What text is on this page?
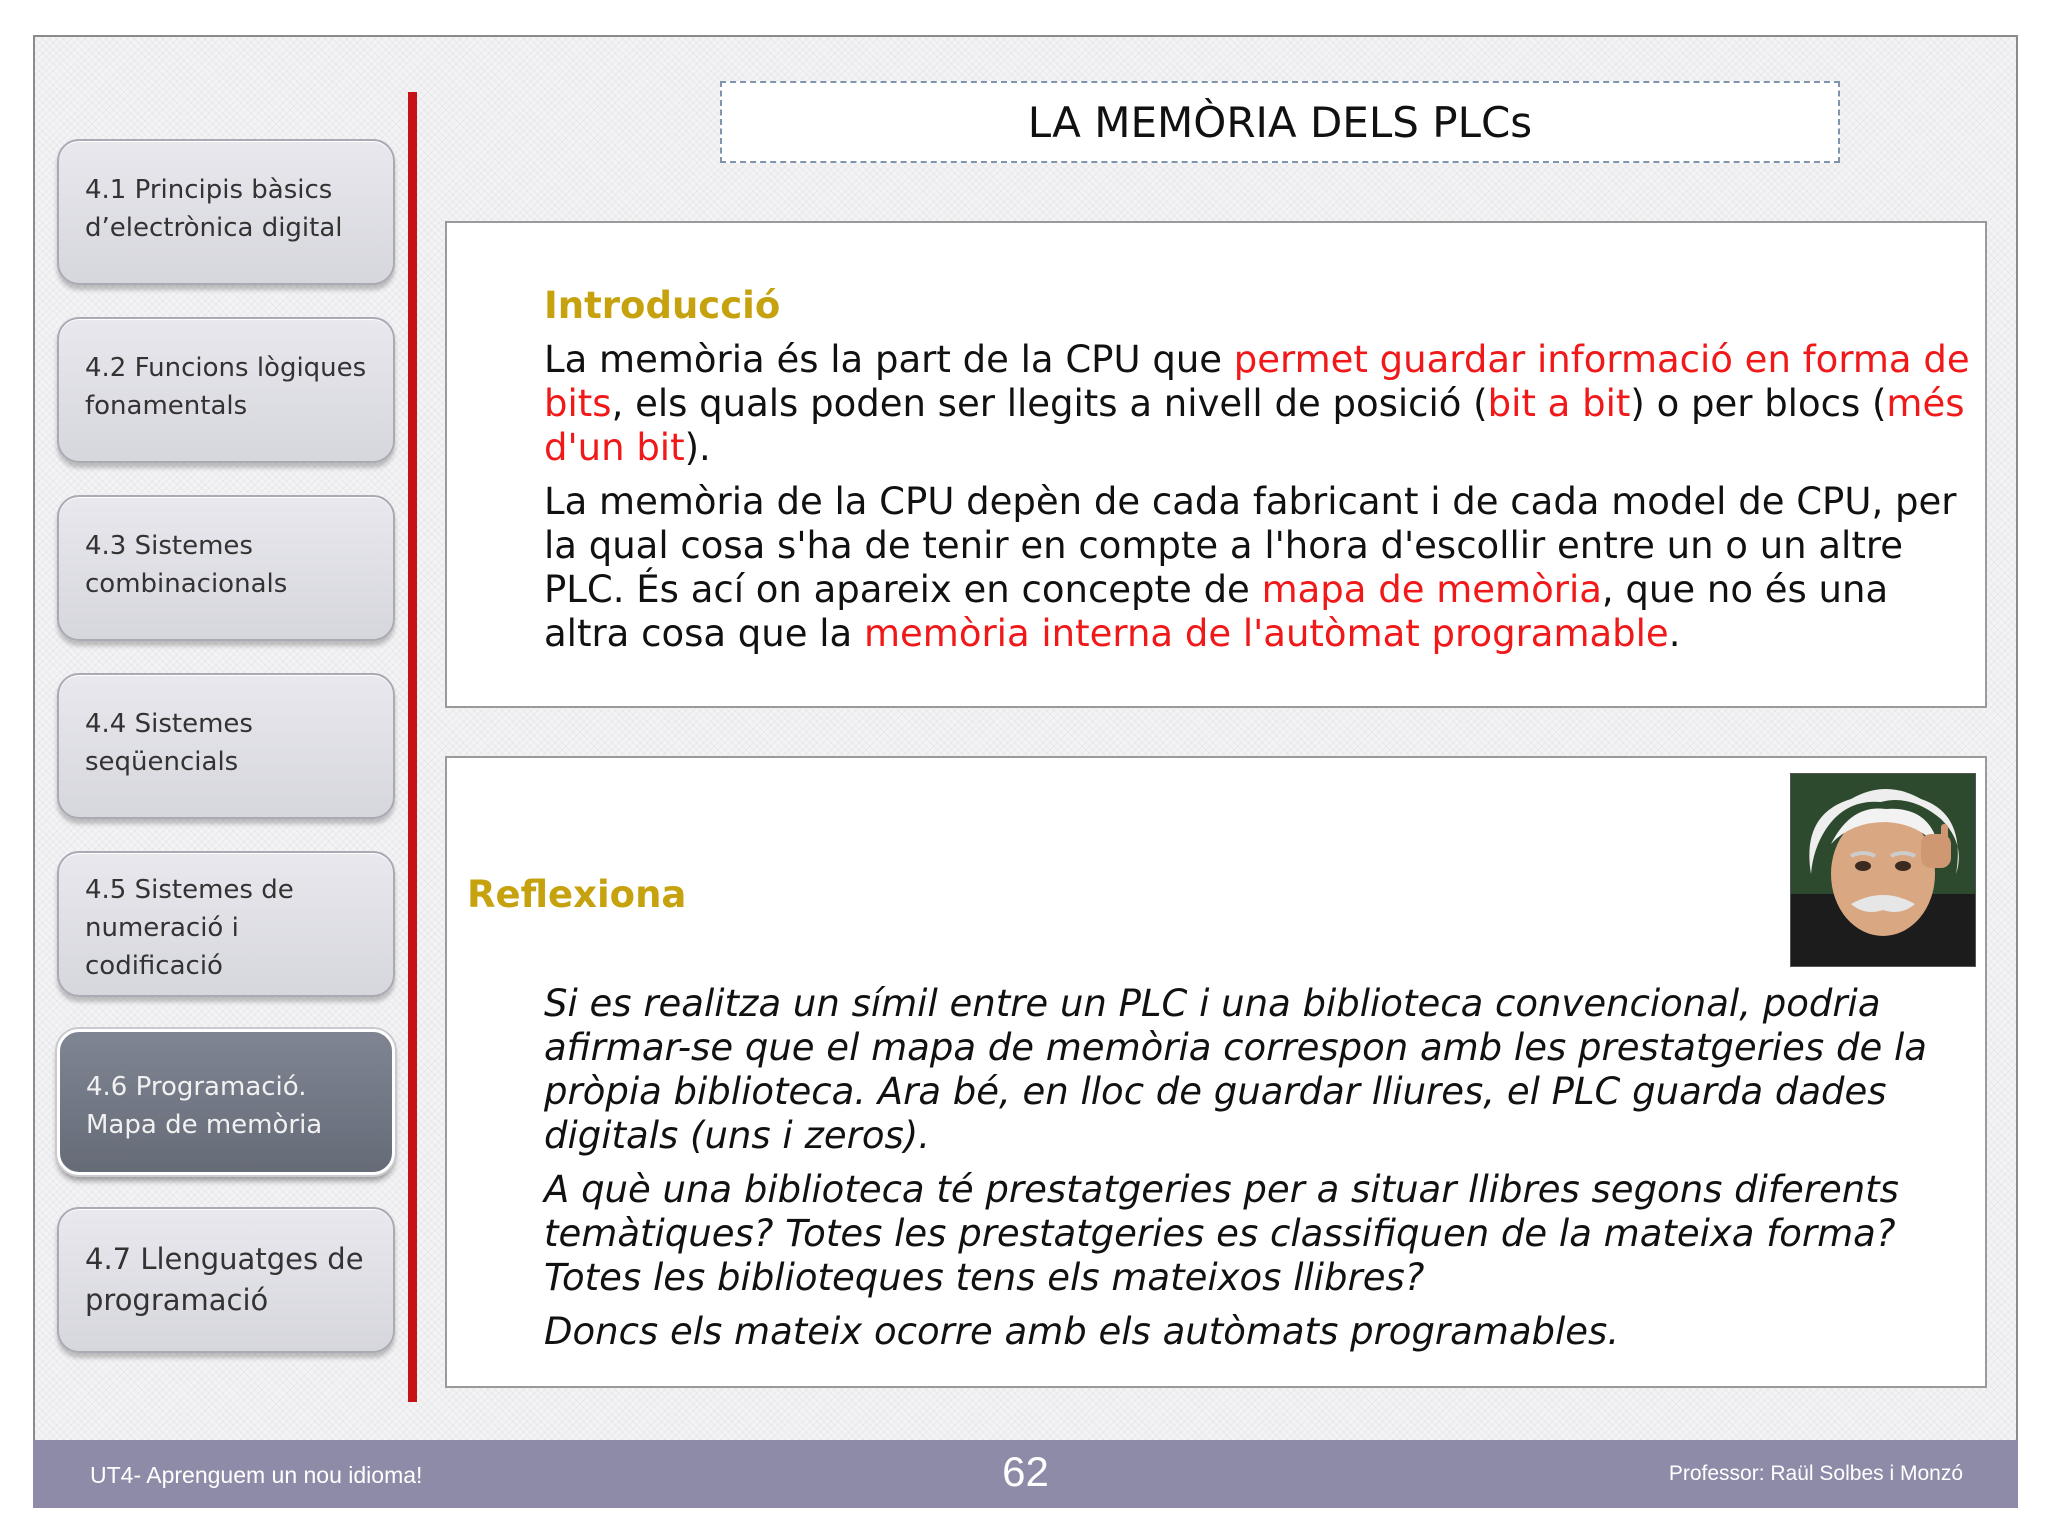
4.1 Principis bàsics
d’electrònica digital
4.2 Funcions lògiques
fonamentals
4.3 Sistemes
combinacionals
4.4 Sistemes
seqüencials
4.5 Sistemes de
numeració i
codificació
4.6 Programació.
Mapa de memòria
4.7 Llenguatges de
programació
LA MEMÒRIA DELS PLCs
Introducció

La memòria és la part de la CPU que permet guardar informació en forma de bits, els quals poden ser llegits a nivell de posició (bit a bit) o per blocs (més d'un bit).

La memòria de la CPU depèn de cada fabricant i de cada model de CPU, per la qual cosa s'ha de tenir en compte a l'hora d'escollir entre un o un altre PLC. És ací on apareix en concepte de mapa de memòria, que no és una altra cosa que la memòria interna de l'autòmat programable.

Reflexiona

Si es realitza un símil entre un PLC i una biblioteca convencional, podria afirmar-se que el mapa de memòria correspon amb les prestatgeries de la pròpia biblioteca. Ara bé, en lloc de guardar lliures, el PLC guarda dades digitals (uns i zeros).

A què una biblioteca té prestatgeries per a situar llibres segons diferents temàtiques? Totes les prestatgeries es classifiquen de la mateixa forma? Totes les biblioteques tens els mateixos llibres?

Doncs els mateix ocorre amb els autòmats programables.

UT4- Aprenguem un nou idioma!	62	Professor: Raül Solbes i Monzó
